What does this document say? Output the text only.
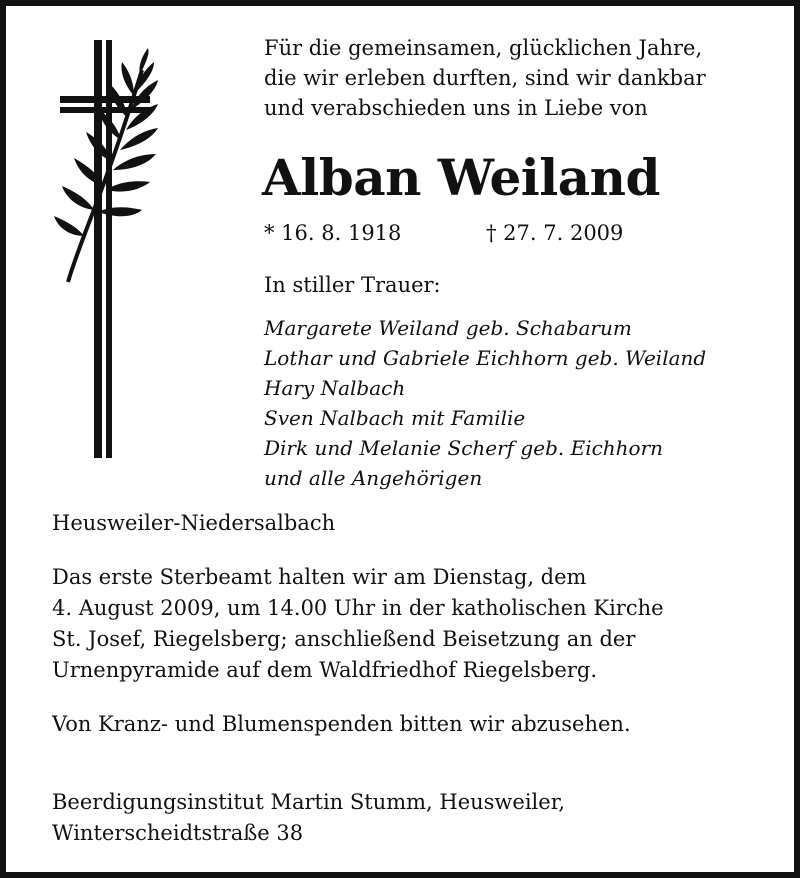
Für die gemeinsamen, glücklichen Jahre,
die wir erleben durften, sind wir dankbar
und verabschieden uns in Liebe von
Alban Weiland
* 16. 8. 1918	† 27. 7. 2009
In stiller Trauer:
Margarete Weiland geb. Schabarum
Lothar und Gabriele Eichhorn geb. Weiland
Hary Nalbach
Sven Nalbach mit Familie
Dirk und Melanie Scherf geb. Eichhorn
und alle Angehörigen
Heusweiler-Niedersalbach
Das erste Sterbeamt halten wir am Dienstag, dem
4. August 2009, um 14.00 Uhr in der katholischen Kirche
St. Josef, Riegelsberg; anschließend Beisetzung an der
Urnenpyramide auf dem Waldfriedhof Riegelsberg.
Von Kranz- und Blumenspenden bitten wir abzusehen.
Beerdigungsinstitut Martin Stumm, Heusweiler,
Winterscheidtstraße 38
